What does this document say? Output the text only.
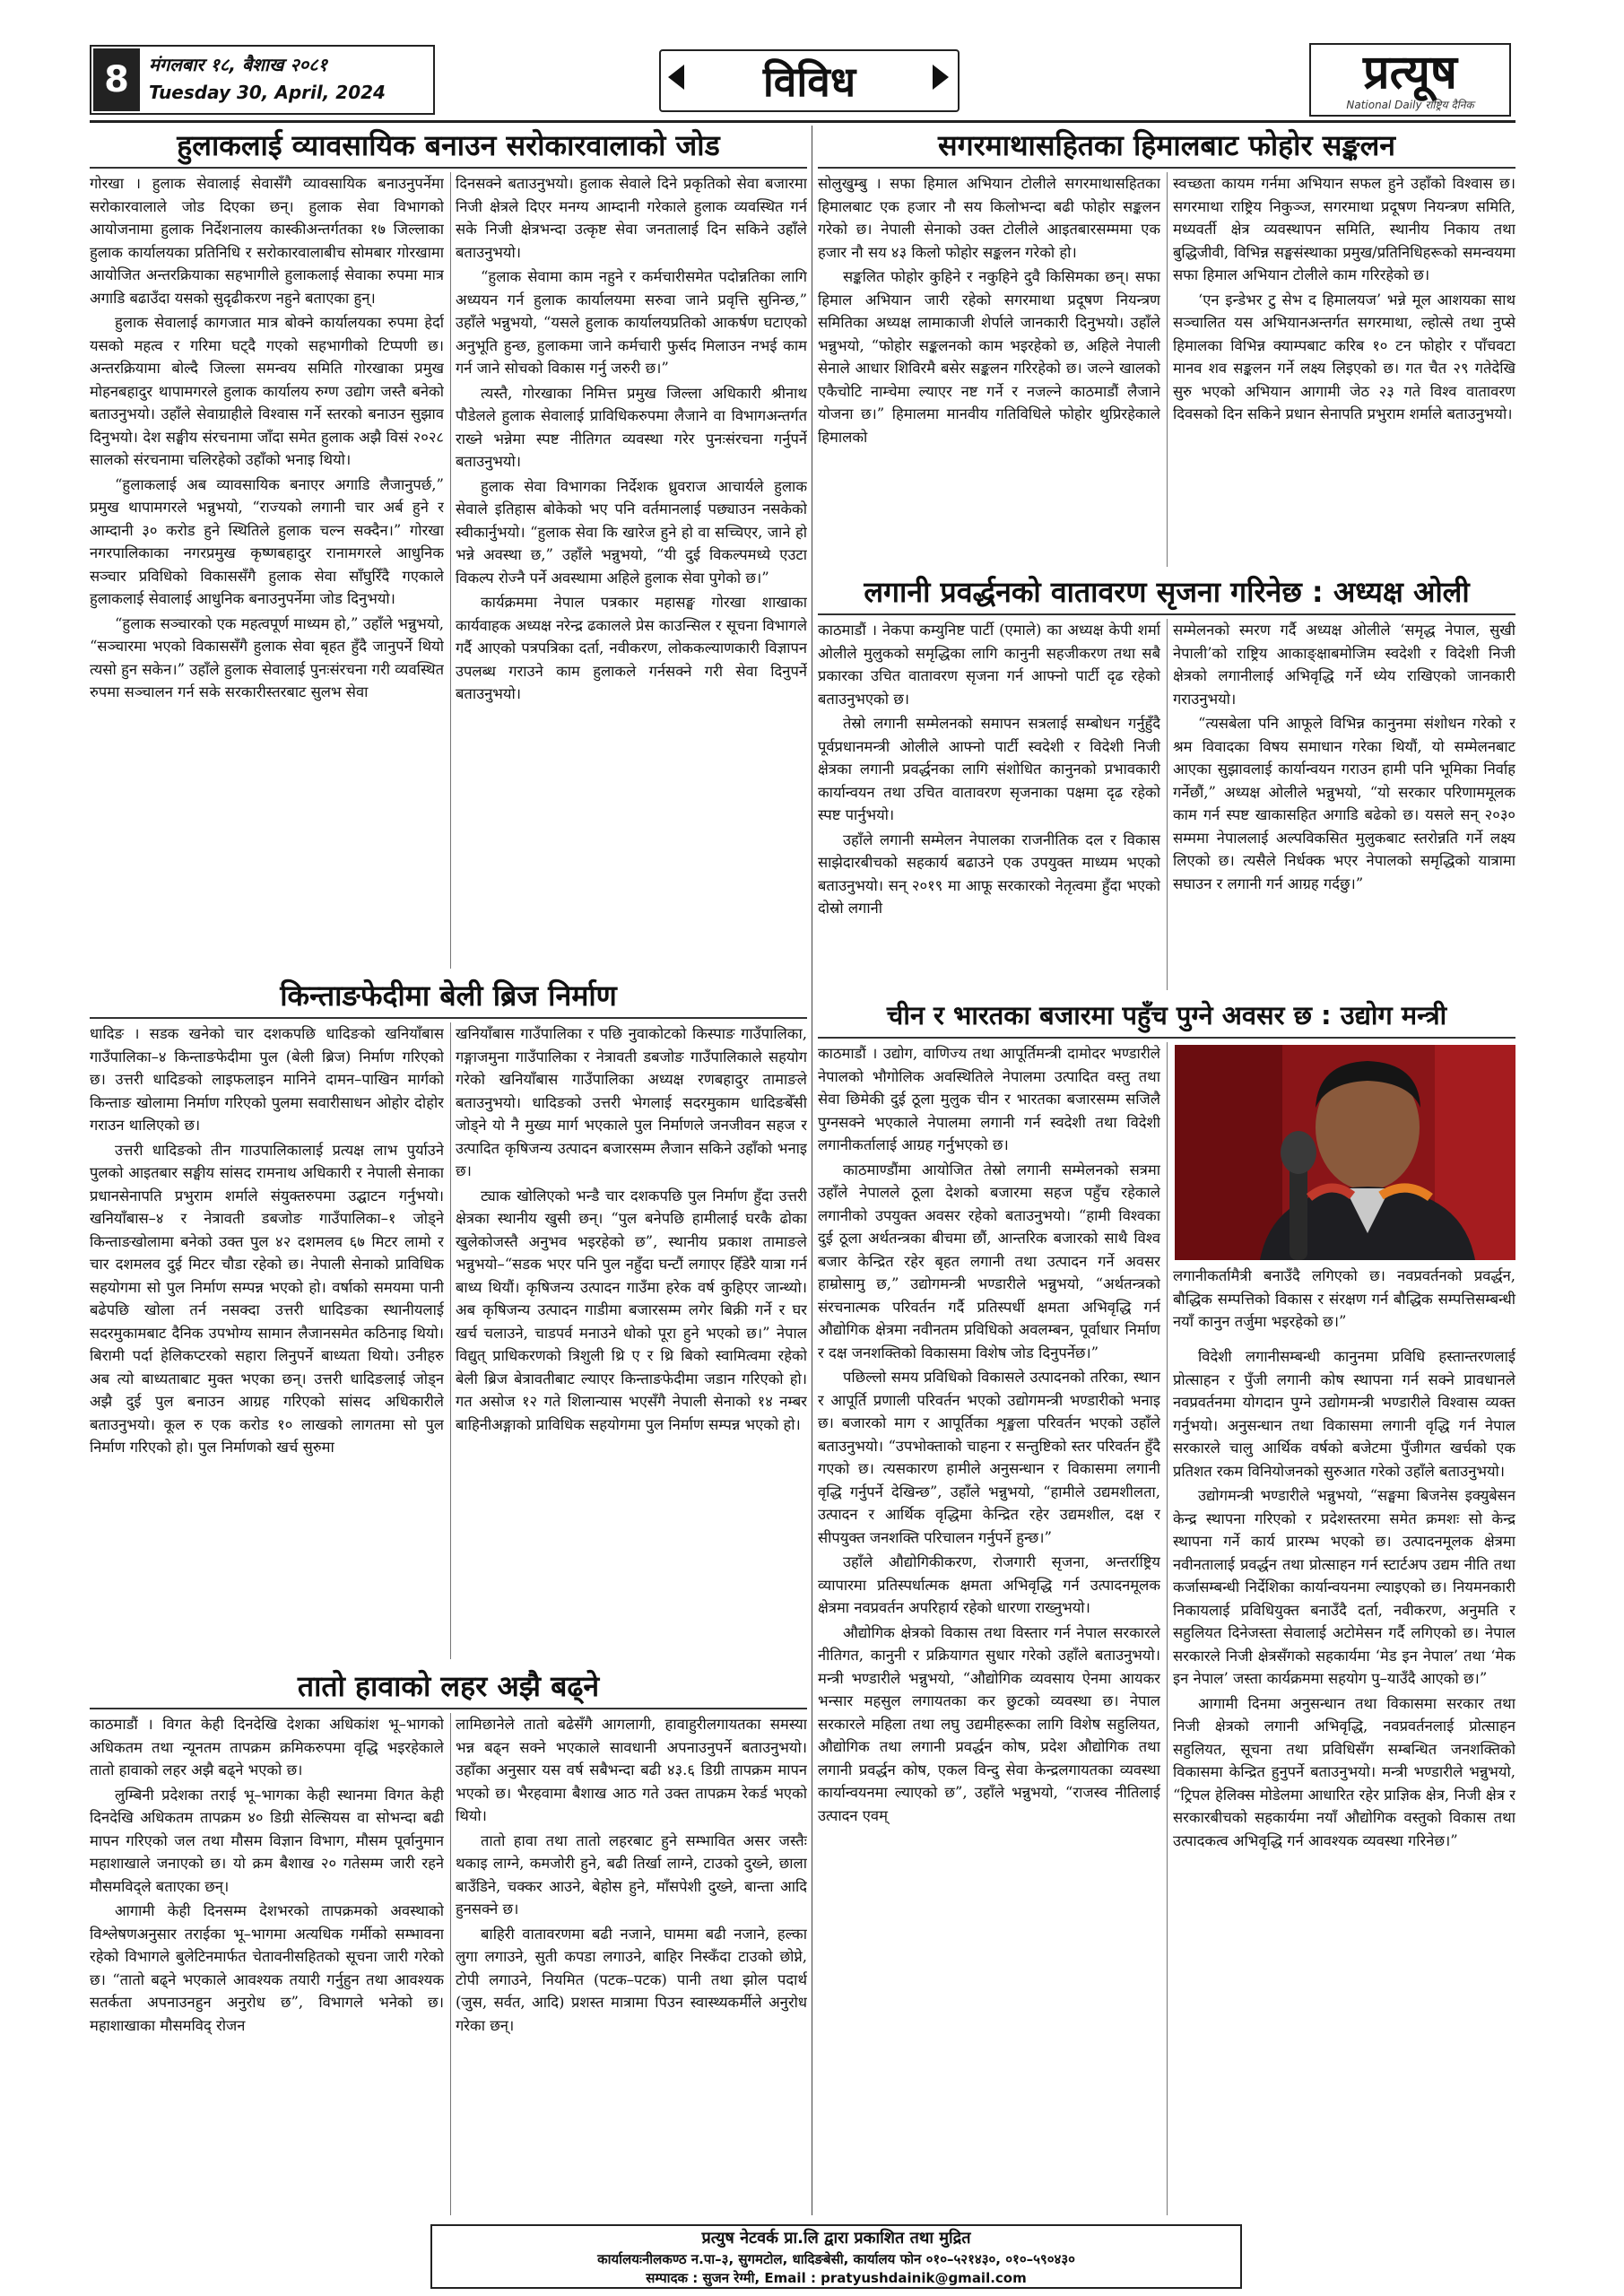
8	मंगलबार १८, बैशाख २०८१
Tuesday 30, April, 2024	विविध	प्रत्यूष
National Daily राष्ट्रिय दैनिक
हुलाकलाई व्यावसायिक बनाउन सरोकारवालाको जोड

गोरखा । हुलाक सेवालाई सेवासँगै व्यावसायिक बनाउनुपर्नेमा सरोकारवालाले जोड दिएका छन्। हुलाक सेवा विभागको आयोजनामा हुलाक निर्देशनालय कास्कीअन्तर्गतका १७ जिल्लाका हुलाक कार्यालयका प्रतिनिधि र सरोकारवालाबीच सोमबार गोरखामा आयोजित अन्तरक्रियाका सहभागीले हुलाकलाई सेवाका रुपमा मात्र अगाडि बढाउँदा यसको सुदृढीकरण नहुने बताएका हुन्।

हुलाक सेवालाई कागजात मात्र बोक्ने कार्यालयका रुपमा हेर्दा यसको महत्व र गरिमा घट्दै गएको सहभागीको टिप्पणी छ। अन्तरक्रियामा बोल्दै जिल्ला समन्वय समिति गोरखाका प्रमुख मोहनबहादुर थापामगरले हुलाक कार्यालय रुग्ण उद्योग जस्तै बनेको बताउनुभयो। उहाँले सेवाग्राहीले विश्वास गर्ने स्तरको बनाउन सुझाव दिनुभयो। देश सङ्घीय संरचनामा जाँदा समेत हुलाक अझै विसं २०२८ सालको संरचनामा चलिरहेको उहाँको भनाइ थियो।

“हुलाकलाई अब व्यावसायिक बनाएर अगाडि लैजानुपर्छ,” प्रमुख थापामगरले भन्नुभयो, “राज्यको लगानी चार अर्ब हुने र आम्दानी ३० करोड हुने स्थितिले हुलाक चल्न सक्दैन।” गोरखा नगरपालिकाका नगरप्रमुख कृष्णबहादुर रानामगरले आधुनिक सञ्चार प्रविधिको विकाससँगै हुलाक सेवा साँघुरिँदै गएकाले हुलाकलाई सेवालाई आधुनिक बनाउनुपर्नेमा जोड दिनुभयो।

“हुलाक सञ्चारको एक महत्वपूर्ण माध्यम हो,” उहाँले भन्नुभयो, “सञ्चारमा भएको विकाससँगै हुलाक सेवा बृहत हुँदै जानुपर्ने थियो त्यसो हुन सकेन।” उहाँले हुलाक सेवालाई पुनःसंरचना गरी व्यवस्थित रुपमा सञ्चालन गर्न सके सरकारीस्तरबाट सुलभ सेवा

दिनसक्ने बताउनुभयो। हुलाक सेवाले दिने प्रकृतिको सेवा बजारमा निजी क्षेत्रले दिएर मनग्य आम्दानी गरेकाले हुलाक व्यवस्थित गर्न सके निजी क्षेत्रभन्दा उत्कृष्ट सेवा जनतालाई दिन सकिने उहाँले बताउनुभयो।

“हुलाक सेवामा काम नहुने र कर्मचारीसमेत पदोन्नतिका लागि अध्ययन गर्न हुलाक कार्यालयमा सरुवा जाने प्रवृत्ति सुनिन्छ,” उहाँले भन्नुभयो, “यसले हुलाक कार्यालयप्रतिको आकर्षण घटाएको अनुभूति हुन्छ, हुलाकमा जाने कर्मचारी फुर्सद मिलाउन नभई काम गर्न जाने सोचको विकास गर्नु जरुरी छ।”

त्यस्तै, गोरखाका निमित्त प्रमुख जिल्ला अधिकारी श्रीनाथ पौडेलले हुलाक सेवालाई प्राविधिकरुपमा लैजाने वा विभागअन्तर्गत राख्ने भन्नेमा स्पष्ट नीतिगत व्यवस्था गरेर पुनःसंरचना गर्नुपर्ने बताउनुभयो।

हुलाक सेवा विभागका निर्देशक ध्रुवराज आचार्यले हुलाक सेवाले इतिहास बोकेको भए पनि वर्तमानलाई पछ्याउन नसकेको स्वीकार्नुभयो। “हुलाक सेवा कि खारेज हुने हो वा सच्चिएर, जाने हो भन्ने अवस्था छ,” उहाँले भन्नुभयो, “यी दुई विकल्पमध्ये एउटा विकल्प रोज्नै पर्ने अवस्थामा अहिले हुलाक सेवा पुगेको छ।”

कार्यक्रममा नेपाल पत्रकार महासङ्घ गोरखा शाखाका कार्यवाहक अध्यक्ष नरेन्द्र ढकालले प्रेस काउन्सिल र सूचना विभागले गर्दै आएको पत्रपत्रिका दर्ता, नवीकरण, लोककल्याणकारी विज्ञापन उपलब्ध गराउने काम हुलाकले गर्नसक्ने गरी सेवा दिनुपर्ने बताउनुभयो।

किन्ताङफेदीमा बेली ब्रिज निर्माण

धादिङ । सडक खनेको चार दशकपछि धादिङको खनियाँबास गाउँपालिका–४ किन्ताङफेदीमा पुल (बेली ब्रिज) निर्माण गरिएको छ। उत्तरी धादिङको लाइफलाइन मानिने दामन–पाखिन मार्गको किन्ताङ खोलामा निर्माण गरिएको पुलमा सवारीसाधन ओहोर दोहोर गराउन थालिएको छ।

उत्तरी धादिङको तीन गाउपालिकालाई प्रत्यक्ष लाभ पुर्याउने पुलको आइतबार सङ्घीय सांसद रामनाथ अधिकारी र नेपाली सेनाका प्रधानसेनापति प्रभुराम शर्माले संयुक्तरुपमा उद्घाटन गर्नुभयो। खनियाँबास–४ र नेत्रावती डबजोङ गाउँपालिका–१ जोड्ने किन्ताङखोलामा बनेको उक्त पुल ४२ दशमलव ६७ मिटर लामो र चार दशमलव दुई मिटर चौडा रहेको छ। नेपाली सेनाको प्राविधिक सहयोगमा सो पुल निर्माण सम्पन्न भएको हो। वर्षाको समयमा पानी बढेपछि खोला तर्न नसक्दा उत्तरी धादिङका स्थानीयलाई सदरमुकामबाट दैनिक उपभोग्य सामान लैजानसमेत कठिनाइ थियो। बिरामी पर्दा हेलिकप्टरको सहारा लिनुपर्ने बाध्यता थियो। उनीहरु अब त्यो बाध्यताबाट मुक्त भएका छन्। उत्तरी धादिङलाई जोड्न अझै दुई पुल बनाउन आग्रह गरिएको सांसद अधिकारीले बताउनुभयो। कूल रु एक करोड १० लाखको लागतमा सो पुल निर्माण गरिएको हो। पुल निर्माणको खर्च सुरुमा

खनियाँबास गाउँपालिका र पछि नुवाकोटको किस्पाङ गाउँपालिका, गङ्गाजमुना गाउँपालिका र नेत्रावती डबजोङ गाउँपालिकाले सहयोग गरेको खनियाँबास गाउँपालिका अध्यक्ष रणबहादुर तामाङले बताउनुभयो। धादिङको उत्तरी भेगलाई सदरमुकाम धादिङबेँसी जोड्ने यो नै मुख्य मार्ग भएकाले पुल निर्माणले जनजीवन सहज र उत्पादित कृषिजन्य उत्पादन बजारसम्म लैजान सकिने उहाँको भनाइ छ।

ट्याक खोलिएको भन्डै चार दशकपछि पुल निर्माण हुँदा उत्तरी क्षेत्रका स्थानीय खुसी छन्। “पुल बनेपछि हामीलाई घरकै ढोका खुलेकोजस्तै अनुभव भइरहेको छ”, स्थानीय प्रकाश तामाङले भन्नुभयो–“सडक भएर पनि पुल नहुँदा घन्टौं लगाएर हिँडेरै यात्रा गर्न बाध्य थियौं। कृषिजन्य उत्पादन गाउँमा हरेक वर्ष कुहिएर जान्थ्यो। अब कृषिजन्य उत्पादन गाडीमा बजारसम्म लगेर बिक्री गर्ने र घर खर्च चलाउने, चाडपर्व मनाउने धोको पूरा हुने भएको छ।” नेपाल विद्युत् प्राधिकरणको त्रिशुली थ्रि ए र थ्रि बिको स्वामित्वमा रहेको बेली ब्रिज बेत्रावतीबाट ल्याएर किन्ताङफेदीमा जडान गरिएको हो। गत असोज १२ गते शिलान्यास भएसँगै नेपाली सेनाको १४ नम्बर बाहिनीअङ्गाको प्राविधिक सहयोगमा पुल निर्माण सम्पन्न भएको हो।

तातो हावाको लहर अझै बढ्ने

काठमाडौं । विगत केही दिनदेखि देशका अधिकांश भू–भागको अधिकतम तथा न्यूनतम तापक्रम क्रमिकरुपमा वृद्धि भइरहेकाले तातो हावाको लहर अझै बढ्ने भएको छ।

लुम्बिनी प्रदेशका तराई भू–भागका केही स्थानमा विगत केही दिनदेखि अधिकतम तापक्रम ४० डिग्री सेल्सियस वा सोभन्दा बढी मापन गरिएको जल तथा मौसम विज्ञान विभाग, मौसम पूर्वानुमान महाशाखाले जनाएको छ। यो क्रम बैशाख २० गतेसम्म जारी रहने मौसमविद्ले बताएका छन्।

आगामी केही दिनसम्म देशभरको तापक्रमको अवस्थाको विश्लेषणअनुसार तराईका भू–भागमा अत्यधिक गर्मीको सम्भावना रहेको विभागले बुलेटिनमार्फत चेतावनीसहितको सूचना जारी गरेको छ। “तातो बढ्ने भएकाले आवश्यक तयारी गर्नुहुन तथा आवश्यक सतर्कता अपनाउनहुन अनुरोध छ”, विभागले भनेको छ। महाशाखाका मौसमविद् रोजन

लामिछानेले तातो बढेसँगै आगलागी, हावाहुरीलगायतका समस्या भन्न बढ्न सक्ने भएकाले सावधानी अपनाउनुपर्ने बताउनुभयो। उहाँका अनुसार यस वर्ष सबैभन्दा बढी ४३.६ डिग्री तापक्रम मापन भएको छ। भैरहवामा बैशाख आठ गते उक्त तापक्रम रेकर्ड भएको थियो।

तातो हावा तथा तातो लहरबाट हुने सम्भावित असर जस्तैः थकाइ लाग्ने, कमजोरी हुने, बढी तिर्खा लाग्ने, टाउको दुख्ने, छाला बाउँडिने, चक्कर आउने, बेहोस हुने, माँसपेशी दुख्ने, बान्ता आदि हुनसक्ने छ।

बाहिरी वातावरणमा बढी नजाने, घाममा बढी नजाने, हल्का लुगा लगाउने, सुती कपडा लगाउने, बाहिर निस्कँदा टाउको छोप्ने, टोपी लगाउने, नियमित (पटक–पटक) पानी तथा झोल पदार्थ (जुस, सर्वत, आदि) प्रशस्त मात्रामा पिउन स्वास्थ्यकर्मीले अनुरोध गरेका छन्।

सगरमाथासहितका हिमालबाट फोहोर सङ्कलन

सोलुखुम्बु । सफा हिमाल अभियान टोलीले सगरमाथासहितका हिमालबाट एक हजार नौ सय किलोभन्दा बढी फोहोर सङ्कलन गरेको छ। नेपाली सेनाको उक्त टोलीले आइतबारसम्ममा एक हजार नौ सय ४३ किलो फोहोर सङ्कलन गरेको हो।

सङ्कलित फोहोर कुहिने र नकुहिने दुवै किसिमका छन्। सफा हिमाल अभियान जारी रहेको सगरमाथा प्रदूषण नियन्त्रण समितिका अध्यक्ष लामाकाजी शेर्पाले जानकारी दिनुभयो। उहाँले भन्नुभयो, “फोहोर सङ्कलनको काम भइरहेको छ, अहिले नेपाली सेनाले आधार शिविरमै बसेर सङ्कलन गरिरहेको छ। जल्ने खालको एकैचोटि नाम्चेमा ल्याएर नष्ट गर्ने र नजल्ने काठमाडौं लैजाने योजना छ।” हिमालमा मानवीय गतिविधिले फोहोर थुप्रिरहेकाले हिमालको

स्वच्छता कायम गर्नमा अभियान सफल हुने उहाँको विश्वास छ। सगरमाथा राष्ट्रिय निकुञ्ज, सगरमाथा प्रदूषण नियन्त्रण समिति, मध्यवर्ती क्षेत्र व्यवस्थापन समिति, स्थानीय निकाय तथा बुद्धिजीवी, विभिन्न सङ्घसंस्थाका प्रमुख/प्रतिनिधिहरूको समन्वयमा सफा हिमाल अभियान टोलीले काम गरिरहेको छ।

‘एन इन्डेभर टु सेभ द हिमालयज’ भन्ने मूल आशयका साथ सञ्चालित यस अभियानअन्तर्गत सगरमाथा, ल्होत्से तथा नुप्से हिमालका विभिन्न क्याम्पबाट करिब १० टन फोहोर र पाँचवटा मानव शव सङ्कलन गर्ने लक्ष्य लिइएको छ। गत चैत २९ गतेदेखि सुरु भएको अभियान आगामी जेठ २३ गते विश्व वातावरण दिवसको दिन सकिने प्रधान सेनापति प्रभुराम शर्माले बताउनुभयो।

लगानी प्रवर्द्धनको वातावरण सृजना गरिनेछ : अध्यक्ष ओली

काठमाडौं । नेकपा कम्युनिष्ट पार्टी (एमाले) का अध्यक्ष केपी शर्मा ओलीले मुलुकको समृद्धिका लागि कानुनी सहजीकरण तथा सबै प्रकारका उचित वातावरण सृजना गर्न आफ्नो पार्टी दृढ रहेको बताउनुभएको छ।

तेस्रो लगानी सम्मेलनको समापन सत्रलाई सम्बोधन गर्नुहुँदै पूर्वप्रधानमन्त्री ओलीले आफ्नो पार्टी स्वदेशी र विदेशी निजी क्षेत्रका लगानी प्रवर्द्धनका लागि संशोधित कानुनको प्रभावकारी कार्यान्वयन तथा उचित वातावरण सृजनाका पक्षमा दृढ रहेको स्पष्ट पार्नुभयो।

उहाँले लगानी सम्मेलन नेपालका राजनीतिक दल र विकास साझेदारबीचको सहकार्य बढाउने एक उपयुक्त माध्यम भएको बताउनुभयो। सन् २०१९ मा आफू सरकारको नेतृत्वमा हुँदा भएको दोस्रो लगानी

सम्मेलनको स्मरण गर्दै अध्यक्ष ओलीले ‘समृद्ध नेपाल, सुखी नेपाली’को राष्ट्रिय आकाङ्क्षाबमोजिम स्वदेशी र विदेशी निजी क्षेत्रको लगानीलाई अभिवृद्धि गर्ने ध्येय राखिएको जानकारी गराउनुभयो।

“त्यसबेला पनि आफूले विभिन्न कानुनमा संशोधन गरेको र श्रम विवादका विषय समाधान गरेका थियौं, यो सम्मेलनबाट आएका सुझावलाई कार्यान्वयन गराउन हामी पनि भूमिका निर्वाह गर्नेछौं,” अध्यक्ष ओलीले भन्नुभयो, “यो सरकार परिणाममूलक काम गर्न स्पष्ट खाकासहित अगाडि बढेको छ। यसले सन् २०३० सम्ममा नेपाललाई अल्पविकसित मुलुकबाट स्तरोन्नति गर्ने लक्ष्य लिएको छ। त्यसैले निर्धक्क भएर नेपालको समृद्धिको यात्रामा सघाउन र लगानी गर्न आग्रह गर्दछु।”

चीन र भारतका बजारमा पहुँच पुग्ने अवसर छ : उद्योग मन्त्री

काठमाडौं । उद्योग, वाणिज्य तथा आपूर्तिमन्त्री दामोदर भण्डारीले नेपालको भौगोलिक अवस्थितिले नेपालमा उत्पादित वस्तु तथा सेवा छिमेकी दुई ठूला मुलुक चीन र भारतका बजारसम्म सजिलै पुग्नसक्ने भएकाले नेपालमा लगानी गर्न स्वदेशी तथा विदेशी लगानीकर्तालाई आग्रह गर्नुभएको छ।

काठमाण्डौंमा आयोजित तेस्रो लगानी सम्मेलनको सत्रमा उहाँले नेपालले ठूला देशको बजारमा सहज पहुँच रहेकाले लगानीको उपयुक्त अवसर रहेको बताउनुभयो। “हामी विश्वका दुई ठूला अर्थतन्त्रका बीचमा छौं, आन्तरिक बजारको साथै विश्व बजार केन्द्रित रहेर बृहत लगानी तथा उत्पादन गर्ने अवसर हाम्रोसामु छ,” उद्योगमन्त्री भण्डारीले भन्नुभयो, “अर्थतन्त्रको संरचनात्मक परिवर्तन गर्दै प्रतिस्पर्धी क्षमता अभिवृद्धि गर्न औद्योगिक क्षेत्रमा नवीनतम प्रविधिको अवलम्बन, पूर्वाधार निर्माण र दक्ष जनशक्तिको विकासमा विशेष जोड दिनुपर्नेछ।”

पछिल्लो समय प्रविधिको विकासले उत्पादनको तरिका, स्थान र आपूर्ति प्रणाली परिवर्तन भएको उद्योगमन्त्री भण्डारीको भनाइ छ। बजारको माग र आपूर्तिका शृङ्खला परिवर्तन भएको उहाँले बताउनुभयो। “उपभोक्ताको चाहना र सन्तुष्टिको स्तर परिवर्तन हुँदै गएको छ। त्यसकारण हामीले अनुसन्धान र विकासमा लगानी वृद्धि गर्नुपर्ने देखिन्छ”, उहाँले भन्नुभयो, “हामीले उद्यमशीलता, उत्पादन र आर्थिक वृद्धिमा केन्द्रित रहेर उद्यमशील, दक्ष र सीपयुक्त जनशक्ति परिचालन गर्नुपर्ने हुन्छ।”

उहाँले औद्योगिकीकरण, रोजगारी सृजना, अन्तर्राष्ट्रिय व्यापारमा प्रतिस्पर्धात्मक क्षमता अभिवृद्धि गर्न उत्पादनमूलक क्षेत्रमा नवप्रवर्तन अपरिहार्य रहेको धारणा राख्नुभयो।

औद्योगिक क्षेत्रको विकास तथा विस्तार गर्न नेपाल सरकारले नीतिगत, कानुनी र प्रक्रियागत सुधार गरेको उहाँले बताउनुभयो। मन्त्री भण्डारीले भन्नुभयो, “औद्योगिक व्यवसाय ऐनमा आयकर भन्सार महसुल लगायतका कर छुटको व्यवस्था छ। नेपाल सरकारले महिला तथा लघु उद्यमीहरूका लागि विशेष सहुलियत, औद्योगिक तथा लगानी प्रवर्द्धन कोष, प्रदेश औद्योगिक तथा लगानी प्रवर्द्धन कोष, एकल विन्दु सेवा केन्द्रलगायतका व्यवस्था कार्यान्वयनमा ल्याएको छ”, उहाँले भन्नुभयो, “राजस्व नीतिलाई उत्पादन एवम्

लगानीकर्तामैत्री बनाउँदै लगिएको छ। नवप्रवर्तनको प्रवर्द्धन, बौद्धिक सम्पत्तिको विकास र संरक्षण गर्न बौद्धिक सम्पत्तिसम्बन्धी नयाँ कानुन तर्जुमा भइरहेको छ।”

विदेशी लगानीसम्बन्धी कानुनमा प्रविधि हस्तान्तरणलाई प्रोत्साहन र पुँजी लगानी कोष स्थापना गर्न सक्ने प्रावधानले नवप्रवर्तनमा योगदान पुग्ने उद्योगमन्त्री भण्डारीले विश्वास व्यक्त गर्नुभयो। अनुसन्धान तथा विकासमा लगानी वृद्धि गर्न नेपाल सरकारले चालु आर्थिक वर्षको बजेटमा पुँजीगत खर्चको एक प्रतिशत रकम विनियोजनको सुरुआत गरेको उहाँले बताउनुभयो।

उद्योगमन्त्री भण्डारीले भन्नुभयो, “सङ्घमा बिजनेस इक्युबेसन केन्द्र स्थापना गरिएको र प्रदेशस्तरमा समेत क्रमशः सो केन्द्र स्थापना गर्ने कार्य प्रारम्भ भएको छ। उत्पादनमूलक क्षेत्रमा नवीनतालाई प्रवर्द्धन तथा प्रोत्साहन गर्न स्टार्टअप उद्यम नीति तथा कर्जासम्बन्धी निर्देशिका कार्यान्वयनमा ल्याइएको छ। नियमनकारी निकायलाई प्रविधियुक्त बनाउँदै दर्ता, नवीकरण, अनुमति र सहुलियत दिनेजस्ता सेवालाई अटोमेसन गर्दै लगिएको छ। नेपाल सरकारले निजी क्षेत्रसँगको सहकार्यमा ‘मेड इन नेपाल’ तथा ‘मेक इन नेपाल’ जस्ता कार्यक्रममा सहयोग पु–याउँदै आएको छ।”

आगामी दिनमा अनुसन्धान तथा विकासमा सरकार तथा निजी क्षेत्रको लगानी अभिवृद्धि, नवप्रवर्तनलाई प्रोत्साहन सहुलियत, सूचना तथा प्रविधिसँग सम्बन्धित जनशक्तिको विकासमा केन्द्रित हुनुपर्ने बताउनुभयो। मन्त्री भण्डारीले भन्नुभयो, “ट्रिपल हेलिक्स मोडेलमा आधारित रहेर प्राज्ञिक क्षेत्र, निजी क्षेत्र र सरकारबीचको सहकार्यमा नयाँ औद्योगिक वस्तुको विकास तथा उत्पादकत्व अभिवृद्धि गर्न आवश्यक व्यवस्था गरिनेछ।”

प्रत्युष नेटवर्क प्रा.लि द्वारा प्रकाशित तथा मुद्रित
कार्यालयःनीलकण्ठ न.पा–३, सुगमटोल, धादिङबेसी, कार्यालय फोन ०१०–५२१४३०, ०१०–५९०४३०
सम्पादक : सुजन रेग्मी, Email : pratyushdainik@gmail.com
